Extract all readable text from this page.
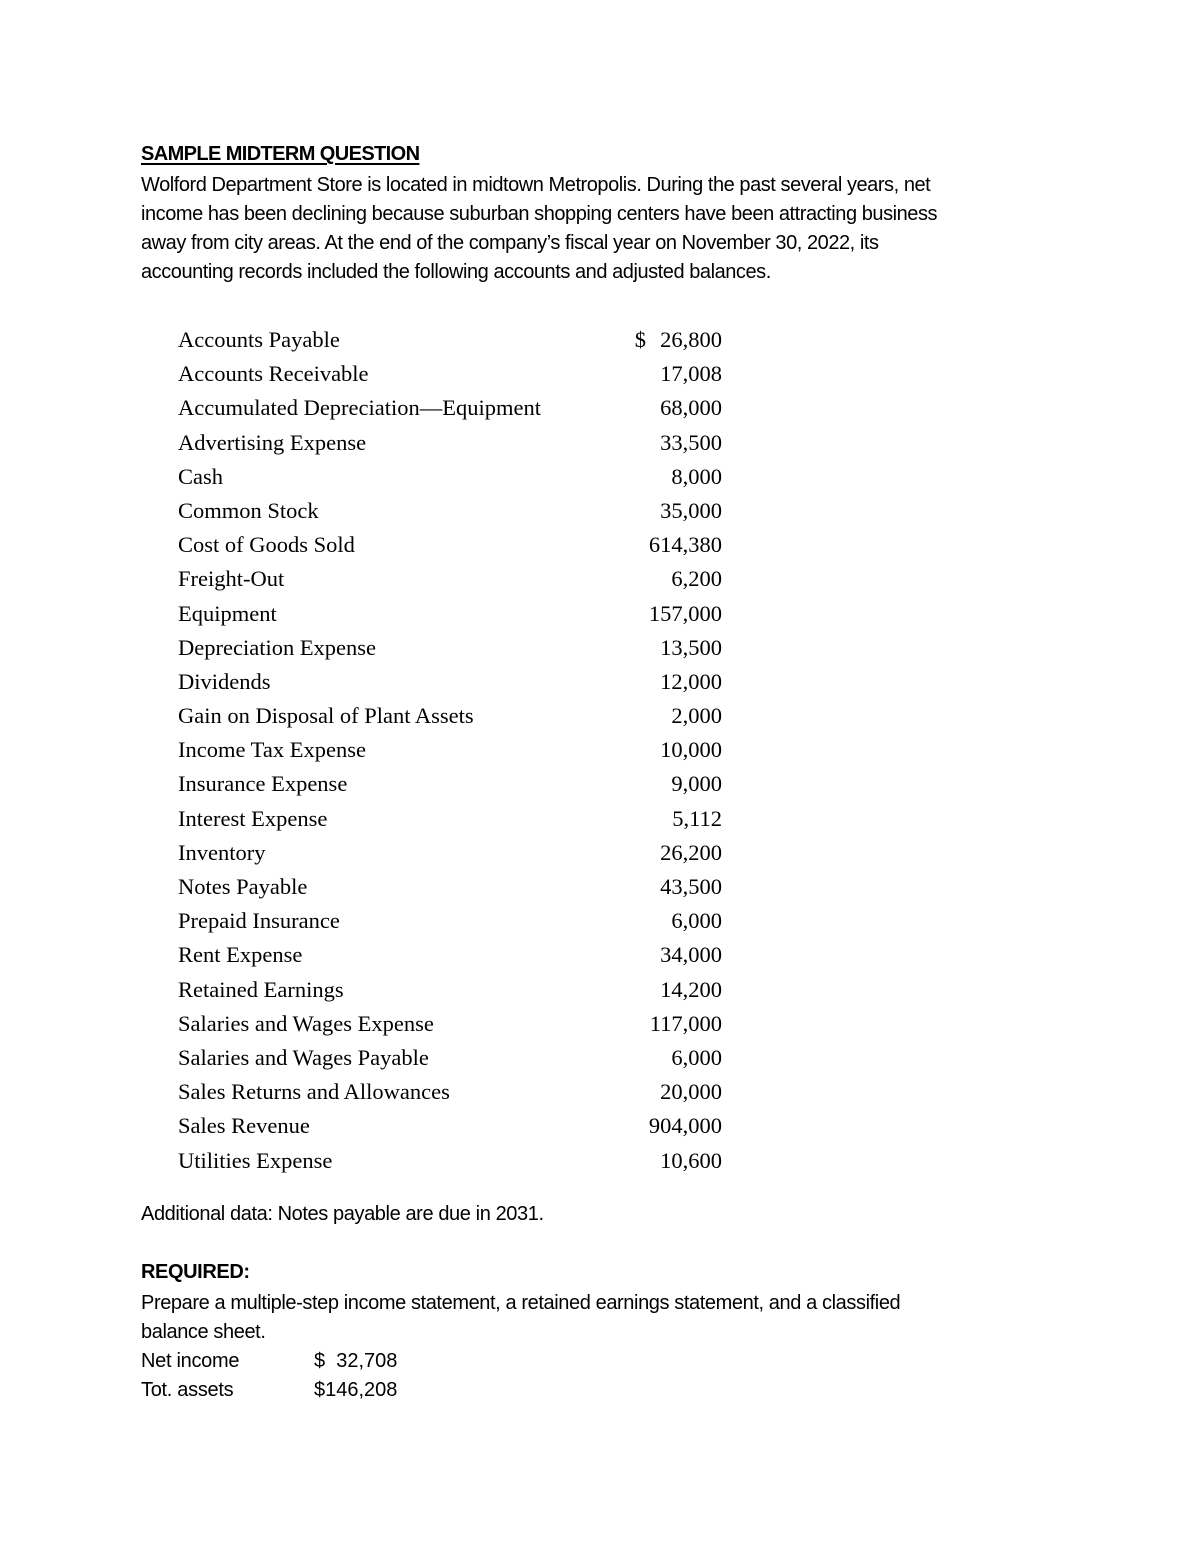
SAMPLE MIDTERM QUESTION
Wolford Department Store is located in midtown Metropolis. During the past several years, net
income has been declining because suburban shopping centers have been attracting business
away from city areas. At the end of the company’s fiscal year on November 30, 2022, its
accounting records included the following accounts and adjusted balances.
Accounts Payable	$ 26,800
Accounts Receivable	17,008
Accumulated Depreciation—Equipment	68,000
Advertising Expense	33,500
Cash	8,000
Common Stock	35,000
Cost of Goods Sold	614,380
Freight-Out	6,200
Equipment	157,000
Depreciation Expense	13,500
Dividends	12,000
Gain on Disposal of Plant Assets	2,000
Income Tax Expense	10,000
Insurance Expense	9,000
Interest Expense	5,112
Inventory	26,200
Notes Payable	43,500
Prepaid Insurance	6,000
Rent Expense	34,000
Retained Earnings	14,200
Salaries and Wages Expense	117,000
Salaries and Wages Payable	6,000
Sales Returns and Allowances	20,000
Sales Revenue	904,000
Utilities Expense	10,600
Additional data: Notes payable are due in 2031.
REQUIRED:
Prepare a multiple-step income statement, a retained earnings statement, and a classified
balance sheet.
Net income	$  32,708
Tot. assets	$146,208
